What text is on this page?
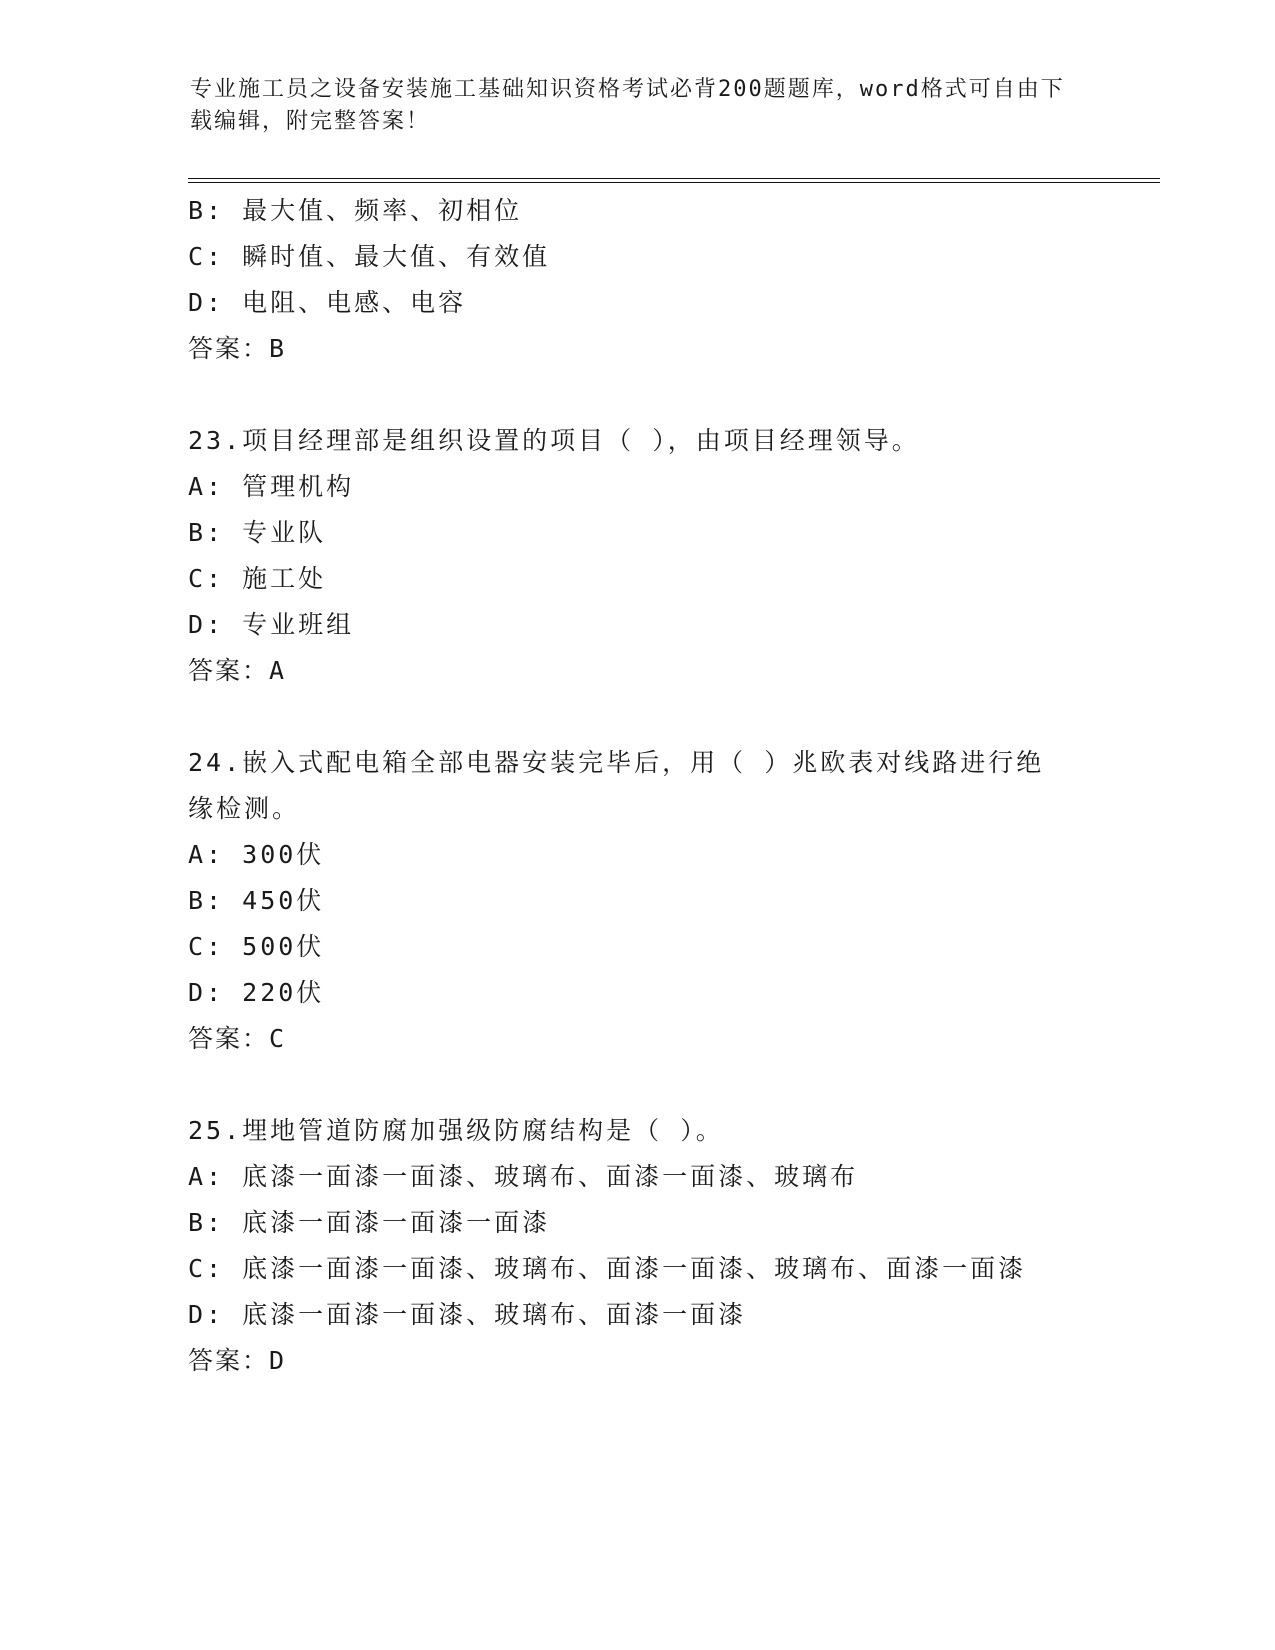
专业施工员之设备安装施工基础知识资格考试必背200题题库，word格式可自由下载编辑，附完整答案！
B: 最大值、频率、初相位
C: 瞬时值、最大值、有效值
D: 电阻、电感、电容
答案：B
23.项目经理部是组织设置的项目（ ），由项目经理领导。
A: 管理机构
B: 专业队
C: 施工处
D: 专业班组
答案：A
24.嵌入式配电箱全部电器安装完毕后，用（ ）兆欧表对线路进行绝
缘检测。
A: 300伏
B: 450伏
C: 500伏
D: 220伏
答案：C
25.埋地管道防腐加强级防腐结构是（ ）。
A: 底漆一面漆一面漆、玻璃布、面漆一面漆、玻璃布
B: 底漆一面漆一面漆一面漆
C: 底漆一面漆一面漆、玻璃布、面漆一面漆、玻璃布、面漆一面漆
D: 底漆一面漆一面漆、玻璃布、面漆一面漆
答案：D
